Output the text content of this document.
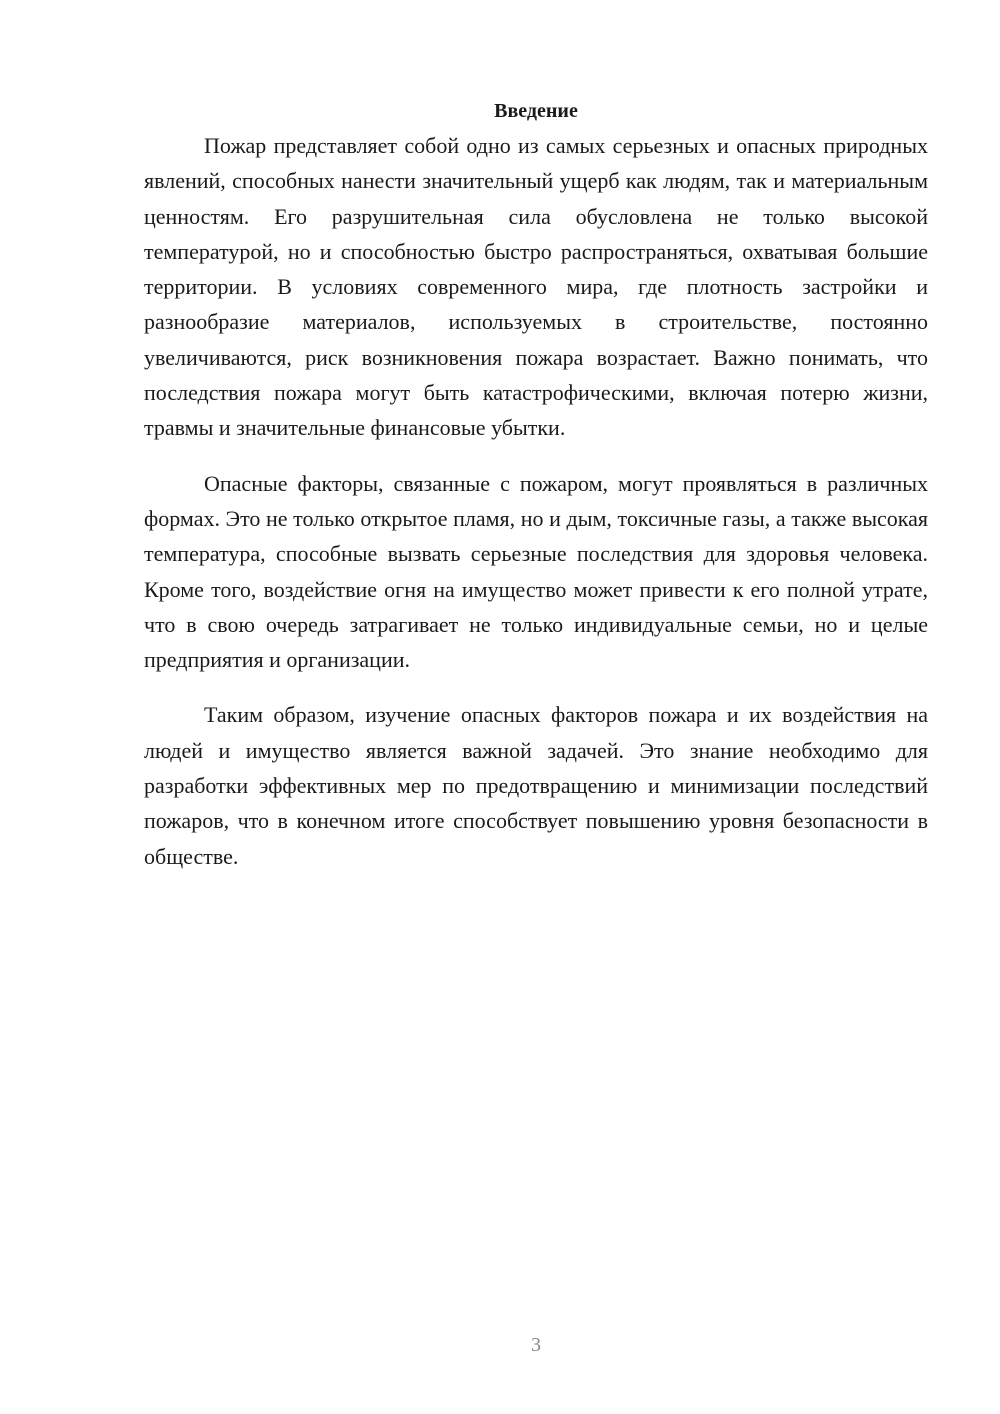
Введение

Пожар представляет собой одно из самых серьезных и опасных природных явлений, способных нанести значительный ущерб как людям, так и материальным ценностям. Его разрушительная сила обусловлена не только высокой температурой, но и способностью быстро распространяться, охватывая большие территории. В условиях современного мира, где плотность застройки и разнообразие материалов, используемых в строительстве, постоянно увеличиваются, риск возникновения пожара возрастает. Важно понимать, что последствия пожара могут быть катастрофическими, включая потерю жизни, травмы и значительные финансовые убытки.

Опасные факторы, связанные с пожаром, могут проявляться в различных формах. Это не только открытое пламя, но и дым, токсичные газы, а также высокая температура, способные вызвать серьезные последствия для здоровья человека. Кроме того, воздействие огня на имущество может привести к его полной утрате, что в свою очередь затрагивает не только индивидуальные семьи, но и целые предприятия и организации.

Таким образом, изучение опасных факторов пожара и их воздействия на людей и имущество является важной задачей. Это знание необходимо для разработки эффективных мер по предотвращению и минимизации последствий пожаров, что в конечном итоге способствует повышению уровня безопасности в обществе.

3
